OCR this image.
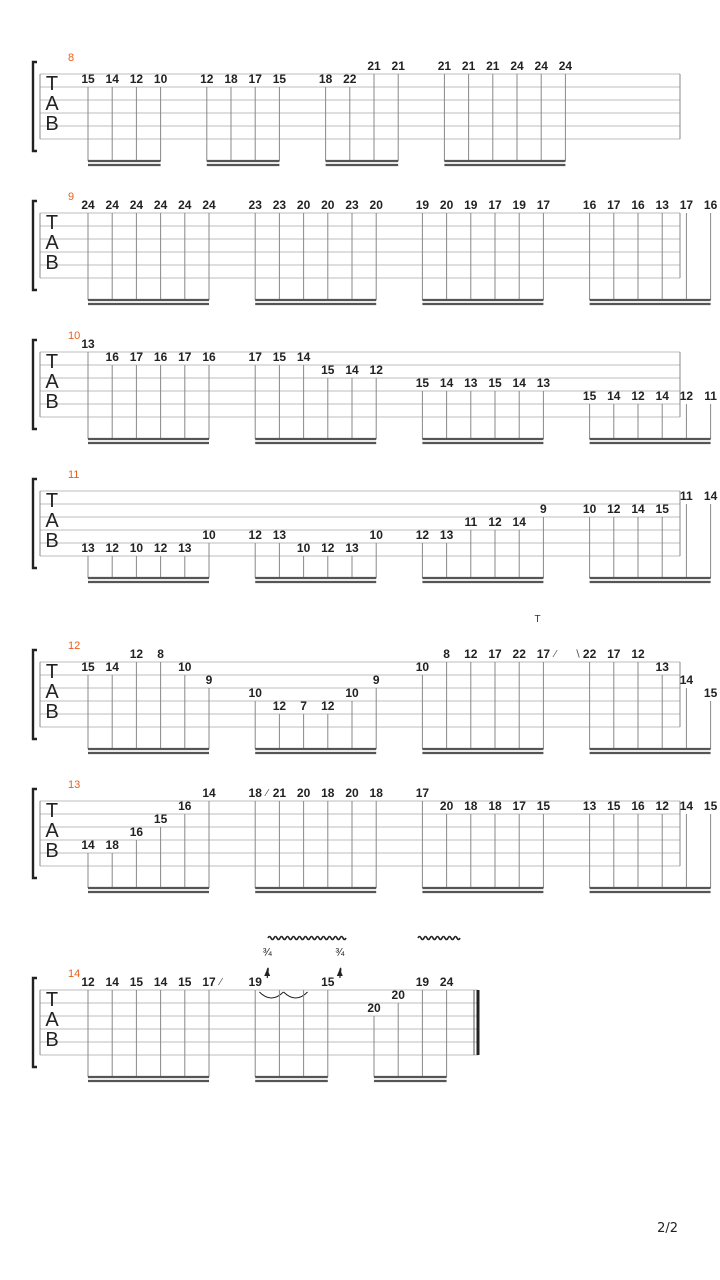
T
A
B
8
15 14 12 10	12 18 17 15	18 22
21 21	21 21 21 24 24 24
T
A
B
9
24 24 24 24 24 24	23 23 20 20 23 20	19 20 19 17 19 17	16 17 16 13 17 16
T
A
B
10
13
16 17 16 17 16	17 15 14
15 14 12
15 14 13 15 14 13
15 14 12 14 12 11
T
A
B
11
13 12 10 12 13
10	12 13
10 12 13
10	12 13
11 12 14
9	10 12 14 15
11 14
T
A
B
12
15 14
12 8
10
9
10
12 7 12
10
9
10
8 12 17 22 17 ⁄ 22
∖
T
17 12
13
14
15
T
A
B
13
14 18
16
15
16
14	18 ⁄ 21 20 18 20 18	17
20 18 18 17 15	13 15 16 12 14 15
T
A
B
14
12 14 15 14 15 17 ⁄ 19
¾
15
¾
20
20
19 24
2/2
